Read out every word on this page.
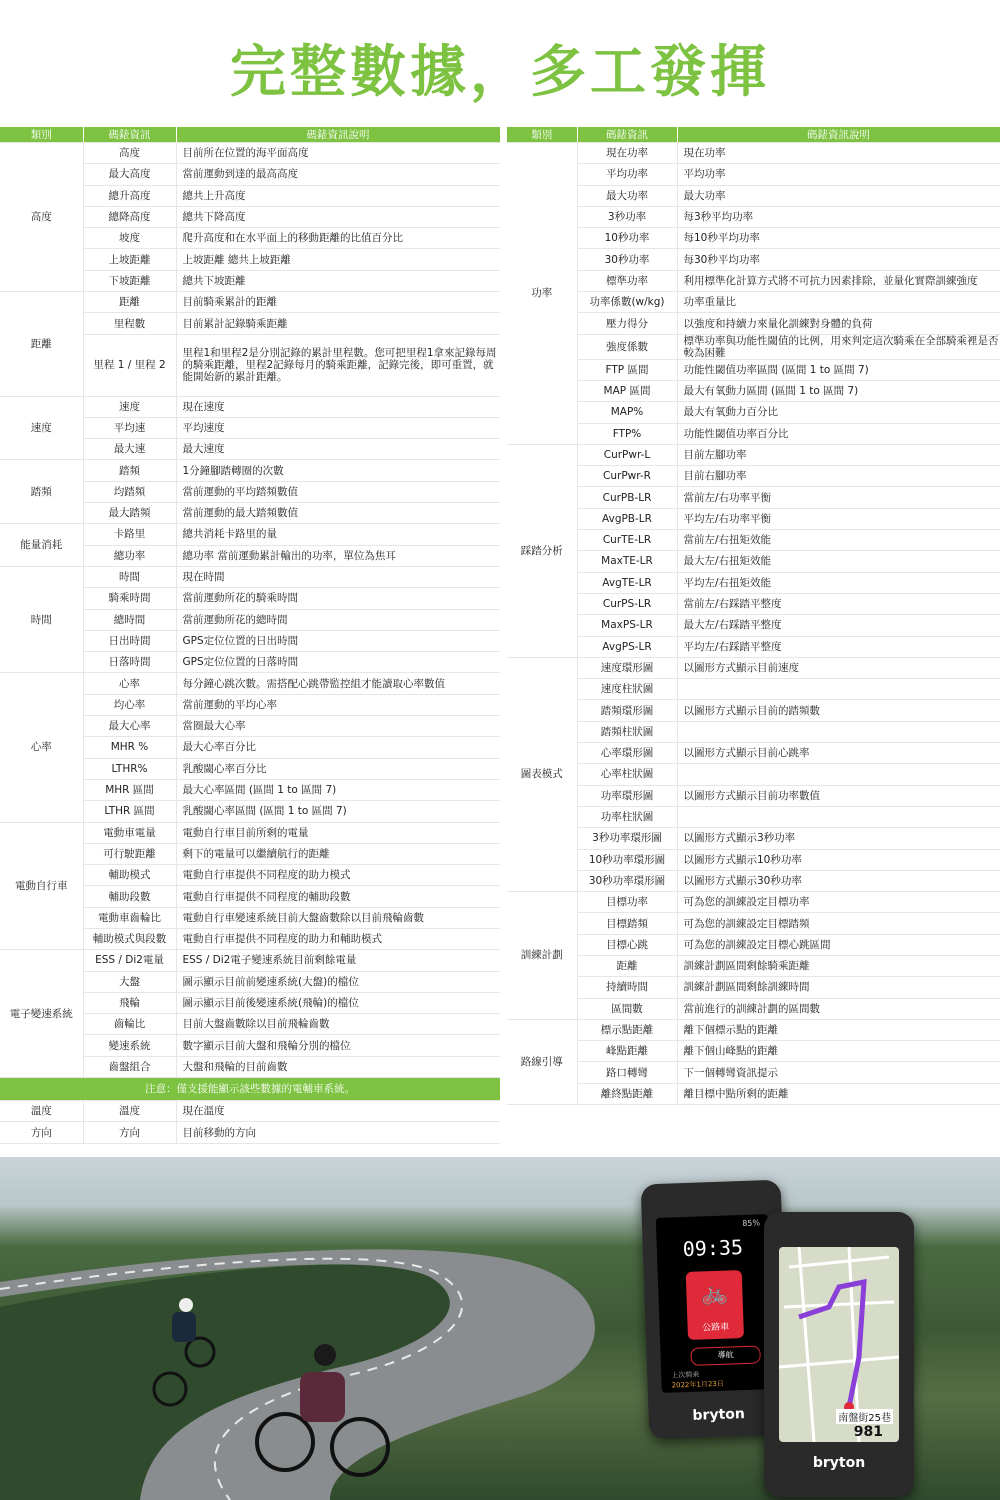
完整數據，多工發揮
類別	碼錶資訊	碼錶資訊說明
高度	高度	目前所在位置的海平面高度
	最大高度	當前運動到達的最高高度
	總升高度	總共上升高度
	總降高度	總共下降高度
	坡度	爬升高度和在水平面上的移動距離的比值百分比
	上坡距離	上坡距離 總共上坡距離
	下坡距離	總共下坡距離
距離	距離	目前騎乘累計的距離
	里程數	目前累計記錄騎乘距離
	里程 1 / 里程 2	里程1和里程2是分別記錄的累計里程數。您可把里程1拿來記錄每周的騎乘距離，里程2記錄每月的騎乘距離，記錄完後，即可重置，就能開始新的累計距離。
速度	速度	現在速度
	平均速	平均速度
	最大速	最大速度
踏頻	踏頻	1分鐘腳踏轉圈的次數
	均踏頻	當前運動的平均踏頻數值
	最大踏頻	當前運動的最大踏頻數值
能量消耗	卡路里	總共消耗卡路里的量
	總功率	總功率 當前運動累計輸出的功率，單位為焦耳
時間	時間	現在時間
	騎乘時間	當前運動所花的騎乘時間
	總時間	當前運動所花的總時間
	日出時間	GPS定位位置的日出時間
	日落時間	GPS定位位置的日落時間
心率	心率	每分鐘心跳次數。需搭配心跳帶監控組才能讀取心率數值
	均心率	當前運動的平均心率
	最大心率	當圈最大心率
	MHR %	最大心率百分比
	LTHR%	乳酸閾心率百分比
	MHR 區間	最大心率區間 (區間 1 to 區間 7)
	LTHR 區間	乳酸閾心率區間 (區間 1 to 區間 7)
電動自行車	電動車電量	電動自行車目前所剩的電量
	可行駛距離	剩下的電量可以繼續航行的距離
	輔助模式	電動自行車提供不同程度的助力模式
	輔助段數	電動自行車提供不同程度的輔助段數
	電動車齒輪比	電動自行車變速系統目前大盤齒數除以目前飛輪齒數
	輔助模式與段數	電動自行車提供不同程度的助力和輔助模式
電子變速系統	ESS / Di2電量	ESS / Di2電子變速系統目前剩餘電量
	大盤	圖示顯示目前前變速系統(大盤)的檔位
	飛輪	圖示顯示目前後變速系統(飛輪)的檔位
	齒輪比	目前大盤齒數除以目前飛輪齒數
	變速系統	數字顯示目前大盤和飛輪分別的檔位
	齒盤組合	大盤和飛輪的目前齒數
注意：僅支援能顯示該些數據的電輔車系統。		
溫度	溫度	現在溫度
方向	方向	目前移動的方向
類別	碼錶資訊	碼錶資訊說明
功率	現在功率	現在功率
	平均功率	平均功率
	最大功率	最大功率
	3秒功率	每3秒平均功率
	10秒功率	每10秒平均功率
	30秒功率	每30秒平均功率
	標準功率	利用標準化計算方式將不可抗力因素排除，並量化實際訓練強度
	功率係數(w/kg)	功率重量比
	壓力得分	以強度和持續力來量化訓練對身體的負荷
	強度係數	標準功率與功能性閾值的比例，用來判定這次騎乘在全部騎乘裡是否較為困難
	FTP 區間	功能性閾值功率區間 (區間 1 to 區間 7)
	MAP 區間	最大有氧動力區間 (區間 1 to 區間 7)
	MAP%	最大有氧動力百分比
	FTP%	功能性閾值功率百分比
踩踏分析	CurPwr-L	目前左腳功率
	CurPwr-R	目前右腳功率
	CurPB-LR	當前左/右功率平衡
	AvgPB-LR	平均左/右功率平衡
	CurTE-LR	當前左/右扭矩效能
	MaxTE-LR	最大左/右扭矩效能
	AvgTE-LR	平均左/右扭矩效能
	CurPS-LR	當前左/右踩踏平整度
	MaxPS-LR	最大左/右踩踏平整度
	AvgPS-LR	平均左/右踩踏平整度
圖表模式	速度環形圖	以圖形方式顯示目前速度
	速度柱狀圖	
	踏頻環形圖	以圖形方式顯示目前的踏頻數
	踏頻柱狀圖	
	心率環形圖	以圖形方式顯示目前心跳率
	心率柱狀圖	
	功率環形圖	以圖形方式顯示目前功率數值
	功率柱狀圖	
	3秒功率環形圖	以圖形方式顯示3秒功率
	10秒功率環形圖	以圖形方式顯示10秒功率
	30秒功率環形圖	以圖形方式顯示30秒功率
訓練計劃	目標功率	可為您的訓練設定目標功率
	目標踏頻	可為您的訓練設定目標踏頻
	目標心跳	可為您的訓練設定目標心跳區間
	距離	訓練計劃區間剩餘騎乘距離
	持續時間	訓練計劃區間剩餘訓練時間
	區間數	當前進行的訓練計劃的區間數
路線引導	標示點距離	離下個標示點的距離
	峰點距離	離下個山峰點的距離
	路口轉彎	下一個轉彎資訊提示
	離終點距離	離目標中點所剩的距離
85%
09:35
🚲
公路車
導航
上次騎乘
2022年1月23日
bryton	南盤街25巷
981
bryton
